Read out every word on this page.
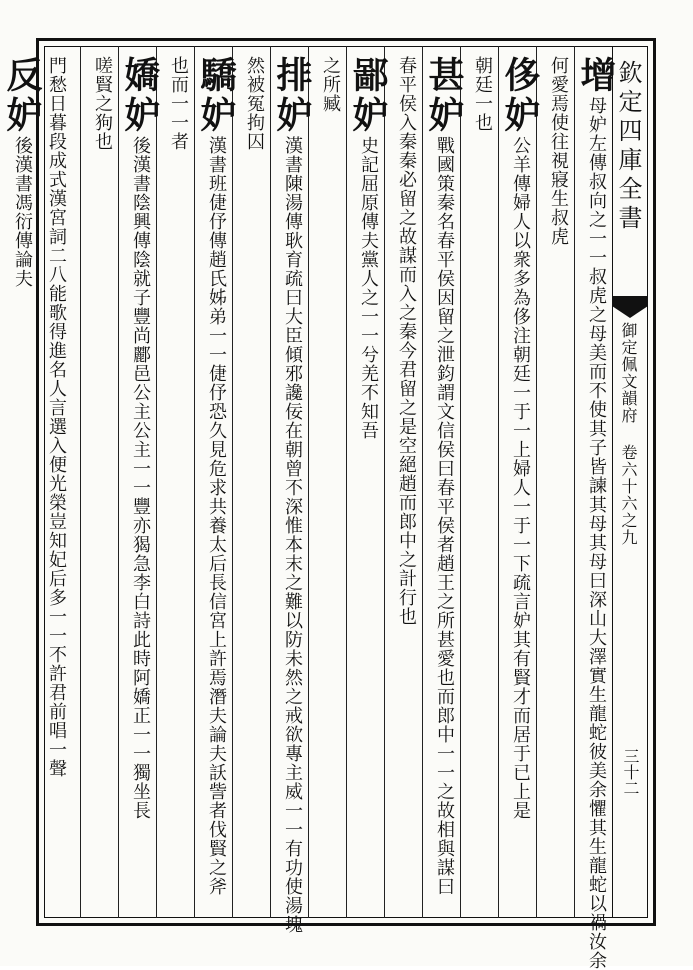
欽定四庫全書
御定佩文韻府 卷六十六之九
三十二
增母妒左傳叔向之一一叔虎之母美而不使其子皆諫其母其母曰深山大澤實生龍蛇彼美余懼其生龍蛇以禍汝余
何愛焉使往視寢生叔虎
侈妒公羊傳婦人以衆多為侈注朝廷一于一上婦人一于一下疏言妒其有賢才而居于已上是
朝廷一也
甚妒戰國策秦名春平侯因留之泄鈞謂文信侯曰春平侯者趙王之所甚愛也而郎中一一之故相與謀曰
春平侯入秦秦必留之故謀而入之秦今君留之是空絕趙而郎中之計行也
鄙妒史記屈原傳夫黨人之一一兮羌不知吾
之所臧
排妒漢書陳湯傳耿育疏曰大臣傾邪讒佞在朝曾不深惟本末之難以防未然之戒欲專主威一一有功使湯塊
然被冤拘囚
驕妒漢書班倢伃傳趙氏姊弟一一倢伃恐久見危求共養太后長信宮上許焉潛夫論夫訞訾者伐賢之斧
也而一一者
嬌妒後漢書陰興傳陰就子豐尚酈邑公主公主一一豐亦猲急李白詩此時阿嬌正一一獨坐長
嗟賢之狗也
門愁日暮段成式漢宮詞二八能歌得進名人言選入便光榮豈知妃后多一一不許君前唱一聲
反妒後漢書馮衍傳論夫
